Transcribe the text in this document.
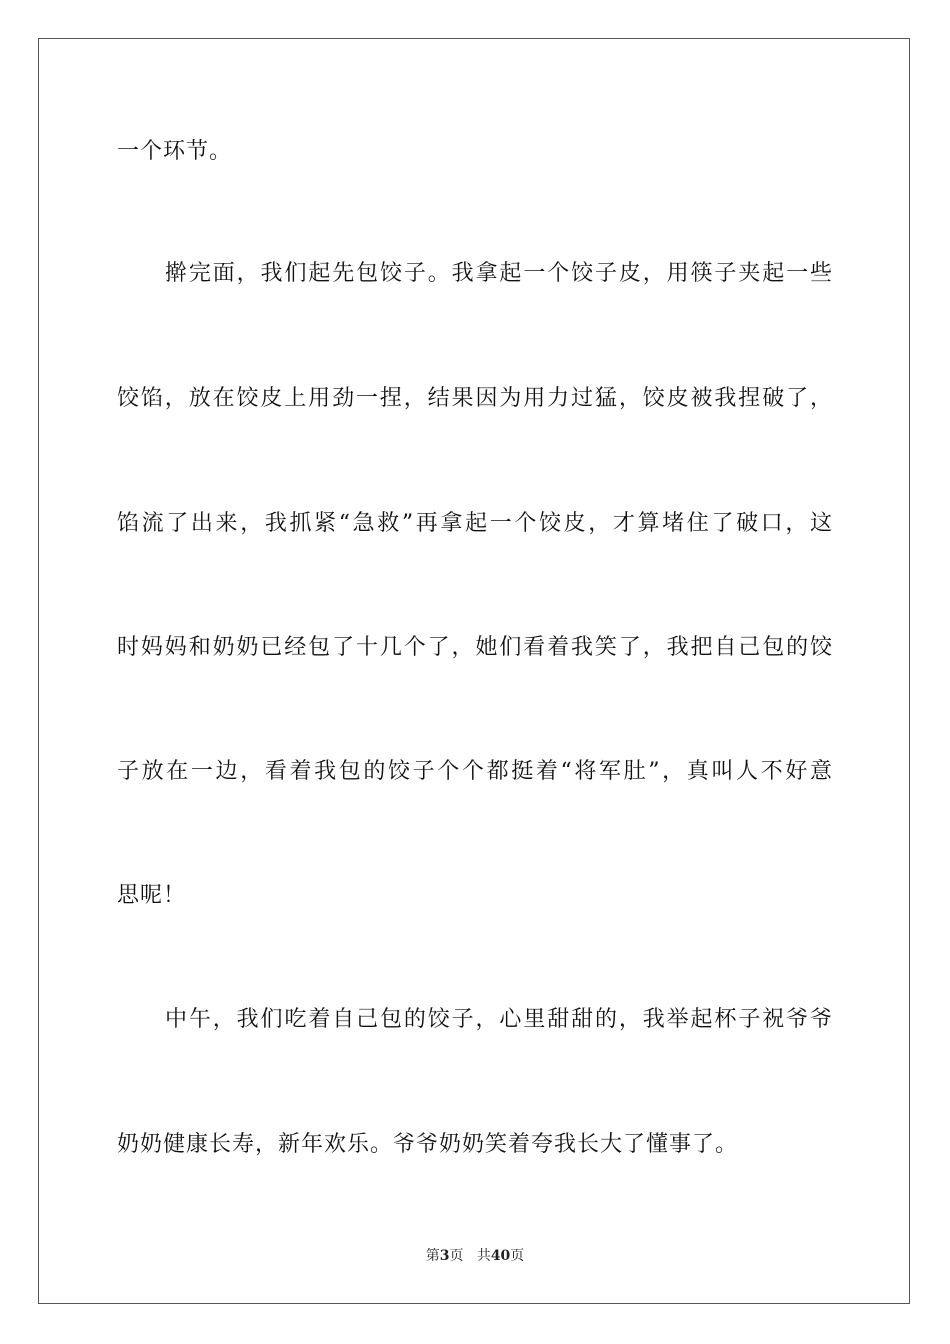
一个环节。
擀完面，我们起先包饺子。我拿起一个饺子皮，用筷子夹起一些
饺馅，放在饺皮上用劲一捏，结果因为用力过猛，饺皮被我捏破了，
馅流了出来，我抓紧“急救”再拿起一个饺皮，才算堵住了破口，这
时妈妈和奶奶已经包了十几个了，她们看着我笑了，我把自己包的饺
子放在一边，看着我包的饺子个个都挺着“将军肚”，真叫人不好意
思呢！
中午，我们吃着自己包的饺子，心里甜甜的，我举起杯子祝爷爷
奶奶健康长寿，新年欢乐。爷爷奶奶笑着夸我长大了懂事了。
第3页 共40页
